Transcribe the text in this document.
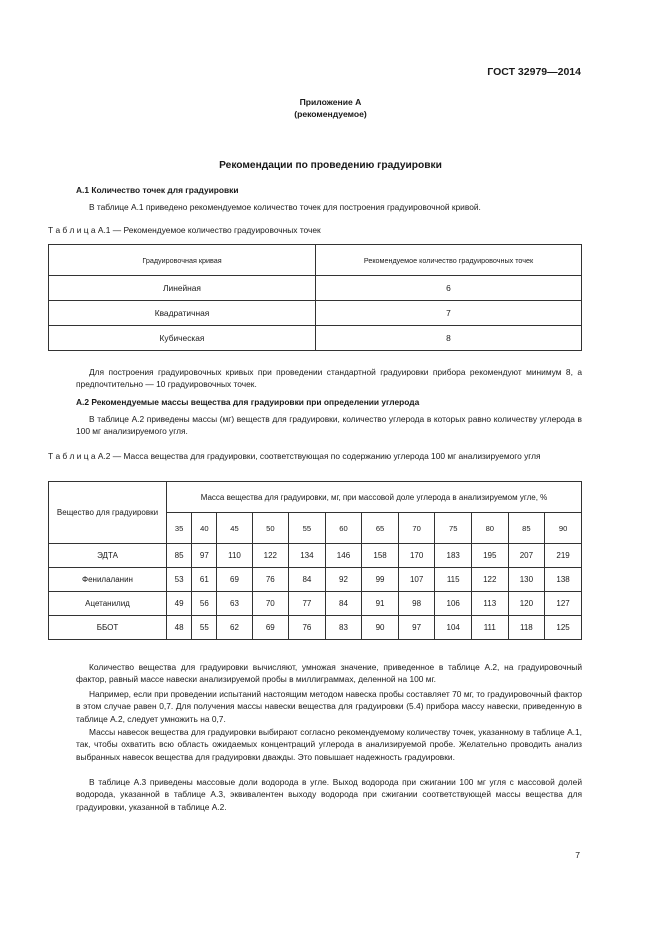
ГОСТ 32979—2014
Приложение А
(рекомендуемое)
Рекомендации по проведению градуировки
А.1 Количество точек для градуировки
В таблице А.1 приведено рекомендуемое количество точек для построения градуировочной кривой.
Т а б л и ц а А.1 — Рекомендуемое количество градуировочных точек
Градуировочная кривая	Рекомендуемое количество градуировочных точек
Линейная	6
Квадратичная	7
Кубическая	8
Для построения градуировочных кривых при проведении стандартной градуировки прибора рекомендуют минимум 8, а предпочтительно — 10 градуировочных точек.
А.2 Рекомендуемые массы вещества для градуировки при определении углерода
В таблице А.2 приведены массы (мг) веществ для градуировки, количество углерода в которых равно количеству углерода в 100 мг анализируемого угля.
Т а б л и ц а А.2 — Масса вещества для градуировки, соответствующая по содержанию углерода 100 мг анализируемого угля
Вещество для градуировки	Масса вещества для градуировки, мг, при массовой доле углерода в анализируемом угле, %											
	35	40	45	50	55	60	65	70	75	80	85	90
ЭДТА	85	97	110	122	134	146	158	170	183	195	207	219
Фенилаланин	53	61	69	76	84	92	99	107	115	122	130	138
Ацетанилид	49	56	63	70	77	84	91	98	106	113	120	127
ББОТ	48	55	62	69	76	83	90	97	104	111	118	125
Количество вещества для градуировки вычисляют, умножая значение, приведенное в таблице А.2, на градуировочный фактор, равный массе навески анализируемой пробы в миллиграммах, деленной на 100 мг.
Например, если при проведении испытаний настоящим методом навеска пробы составляет 70 мг, то градуировочный фактор в этом случае равен 0,7. Для получения массы навески вещества для градуировки (5.4) прибора массу навески, приведенную в таблице А.2, следует умножить на 0,7.
Массы навесок вещества для градуировки выбирают согласно рекомендуемому количеству точек, указанному в таблице А.1, так, чтобы охватить всю область ожидаемых концентраций углерода в анализируемой пробе. Желательно проводить анализ выбранных навесок вещества для градуировки дважды. Это повышает надежность градуировки.
В таблице А.3 приведены массовые доли водорода в угле. Выход водорода при сжигании 100 мг угля с массовой долей водорода, указанной в таблице А.3, эквивалентен выходу водорода при сжигании соответствующей массы вещества для градуировки, указанной в таблице А.2.
7
